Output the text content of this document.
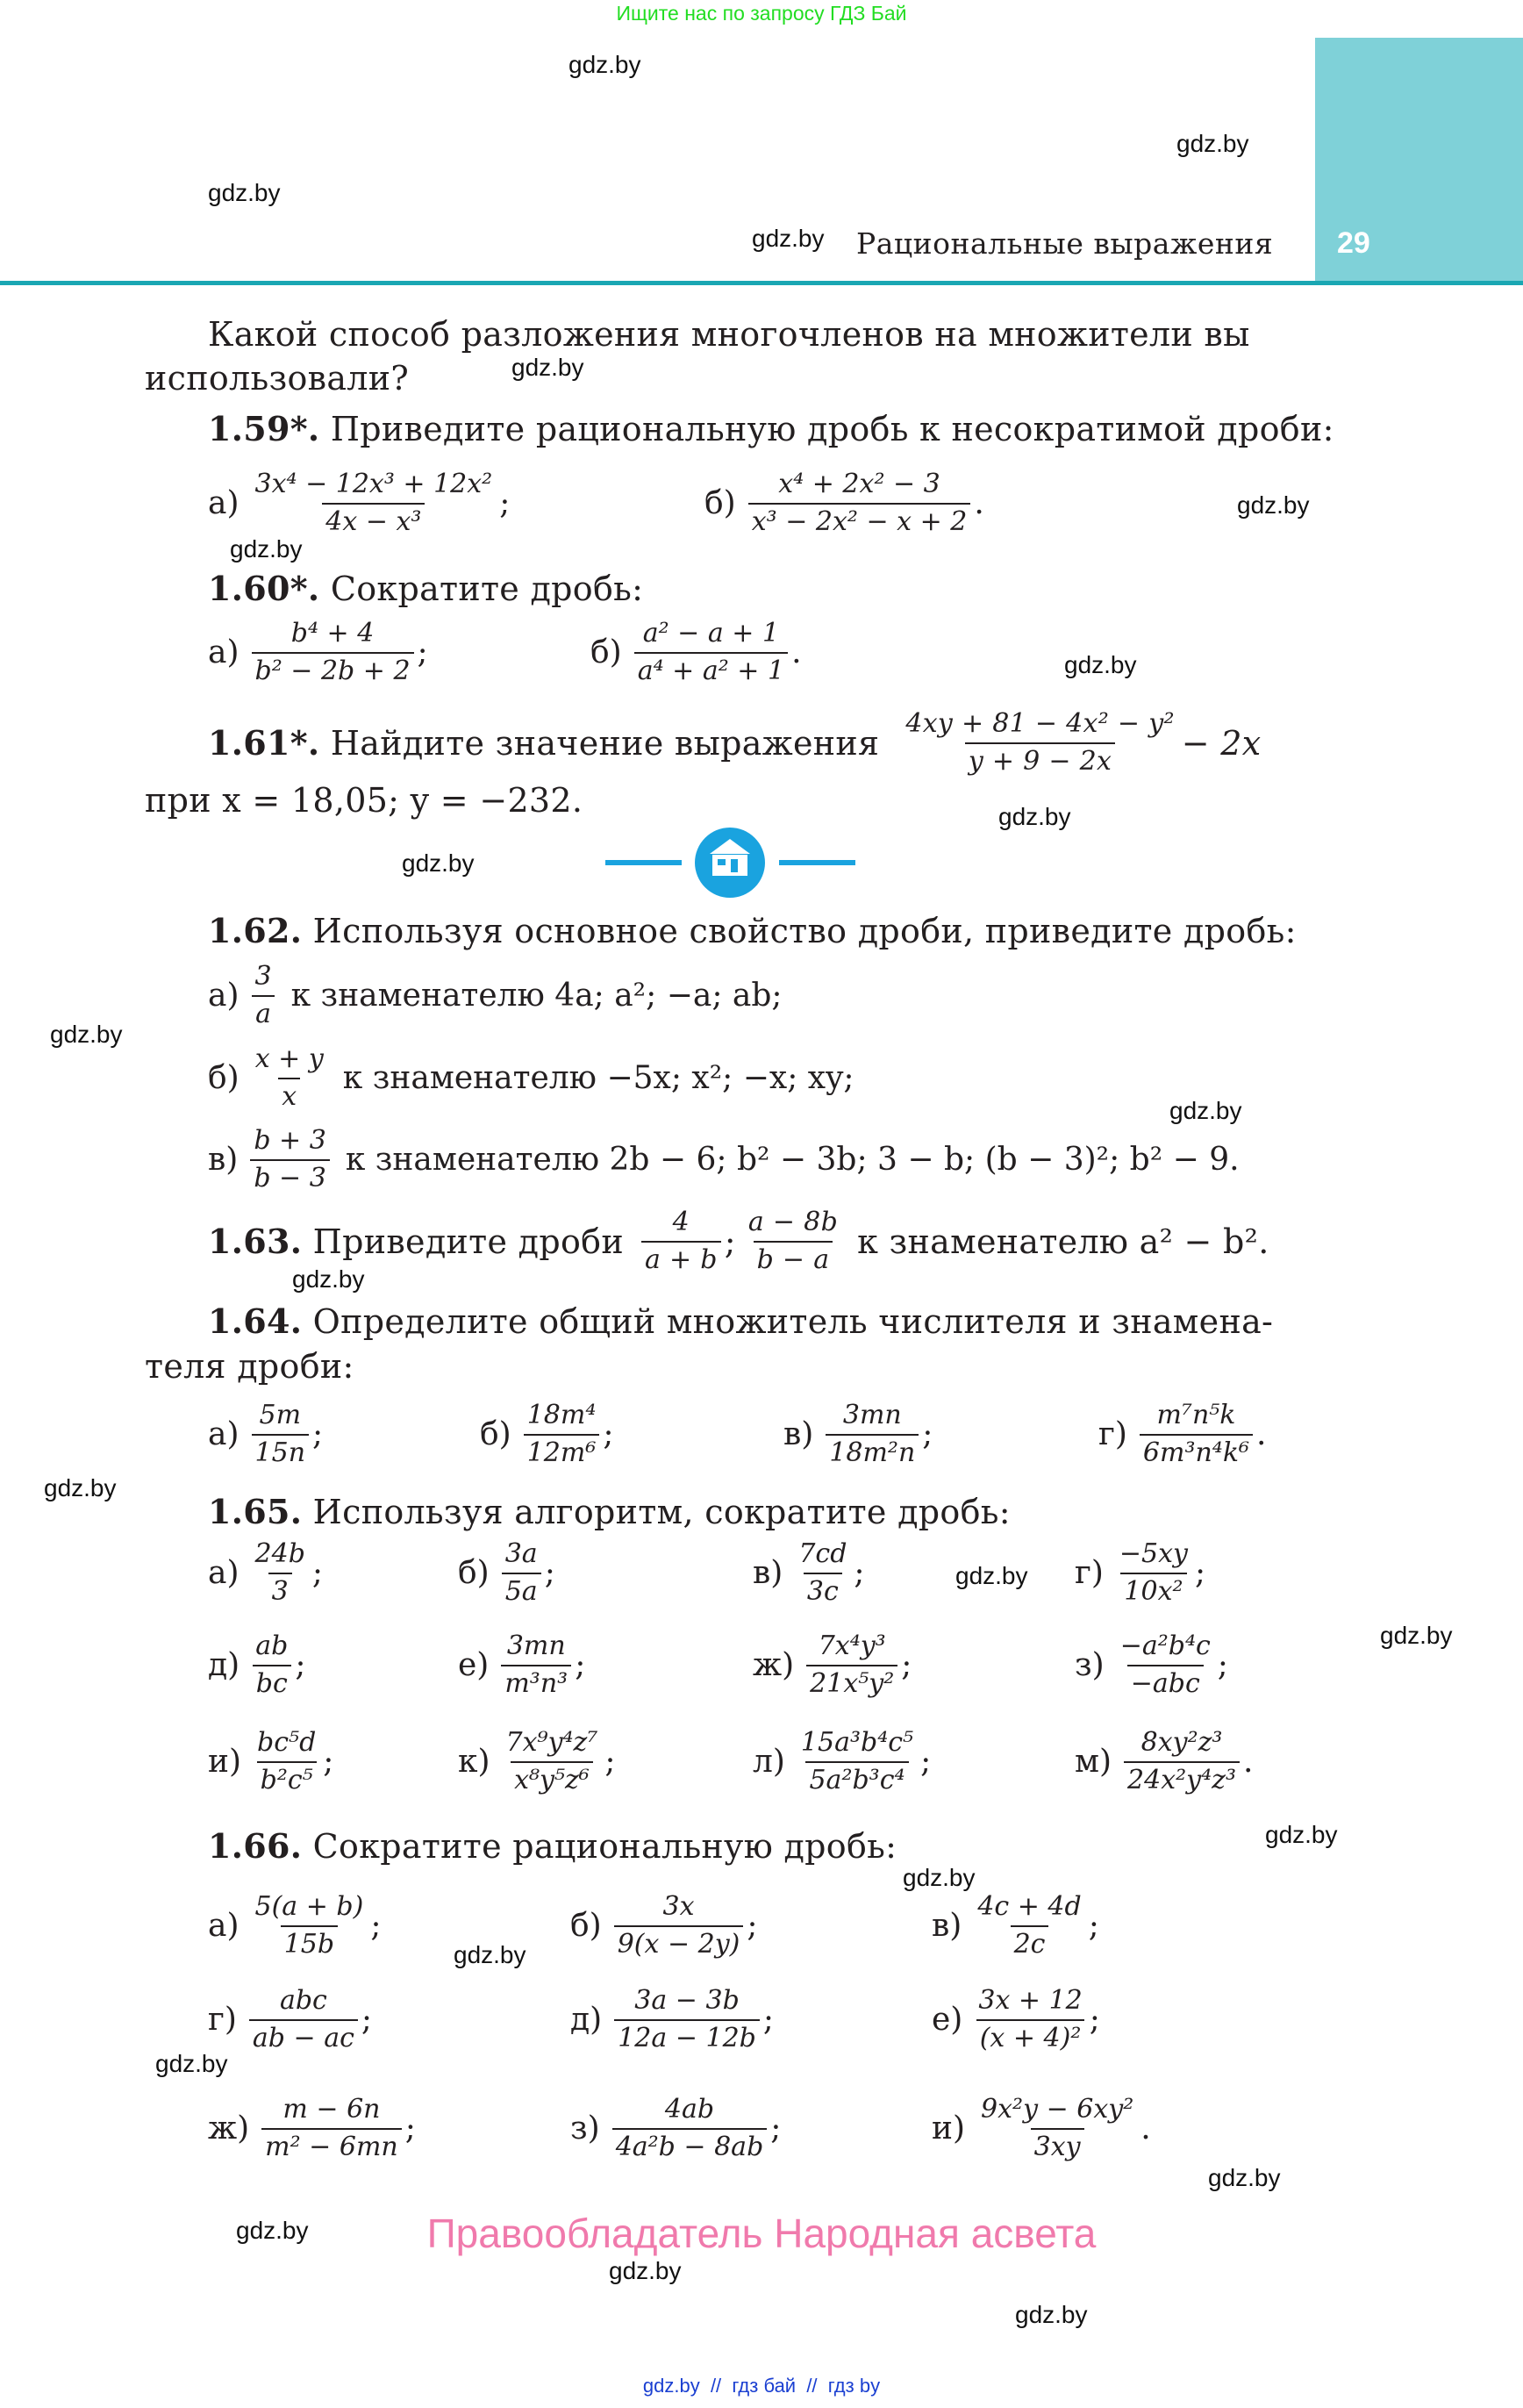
Ищите нас по запросу ГДЗ Бай
29
Рациональные выражения
gdz.by
gdz.by
gdz.by
gdz.by
gdz.by
gdz.by
gdz.by
gdz.by
gdz.by
gdz.by
gdz.by
gdz.by
gdz.by
gdz.by
gdz.by
gdz.by
gdz.by
gdz.by
gdz.by
gdz.by
gdz.by
gdz.by
gdz.by
gdz.by
Какой способ разложения многочленов на множители вы
использовали?
1.59*. Приведите рациональную дробь к несократимой дроби:
$а) \frac{\text{3x⁴ − 12x³ + 12x²}}{\text{4x − x³}}$ ;	$б) \frac{\text{x⁴ + 2x² − 3}}{\text{x³ − 2x² − x + 2}}$ .
1.60*. Сократите дробь:
$а) \frac{\text{b⁴ + 4}}{\text{b² − 2b + 2}}$ ;	$б) \frac{\text{a² − a + 1}}{\text{a⁴ + a² + 1}}$ .
1.61*.
Найдите значение выражения $\frac{\text{4xy + 81 − 4x² − y²}}{y + 9 - 2x} - 2x$
при x = 18,05; y = −232.
1.62. Используя основное свойство дроби, приведите дробь:
$а) \frac{3}{a}$ к знаменателю 4a; a²; −a; ab;
$б) \frac{x + y}{x}$ к знаменателю −5x; x²; −x; xy;
$в) \frac{b + 3}{b - 3}$ к знаменателю 2b − 6; b² − 3b; 3 − b; (b − 3)²; b² − 9.
1.63.
Приведите дроби $\frac{4}{a + b}$ ; $\frac{a - 8b}{b - a}$ к знаменателю a² − b².
1.64. Определите общий множитель числителя и знамена-
теля дроби:
$а) \frac{5m}{15n}$ ;	$б) \frac{\text{18m⁴}}{\text{12m⁶}}$ ;	$в) \frac{3mn}{\text{18m²n}}$ ;	$г) \frac{\text{m⁷n⁵k}}{\text{6m³n⁴k⁶}}$ .
1.65. Используя алгоритм, сократите дробь:
$а) \frac{24b}{3}$ ;	$б) \frac{3a}{5a}$ ;	$в) \frac{7cd}{3c}$ ;	$г) \frac{-5xy}{\text{10x²}}$ ;
$д) \frac{ab}{bc}$ ;	$е) \frac{3mn}{\text{m³n³}}$ ;	$ж) \frac{\text{7x⁴y³}}{\text{21x⁵y²}}$ ;	$з) \frac{\text{−a²b⁴c}}{\text{−abc}}$ ;
$и) \frac{\text{bc⁵d}}{\text{b²c⁵}}$ ;	$к) \frac{\text{7x⁹y⁴z⁷}}{\text{x⁸y⁵z⁶}}$ ;	$л) \frac{\text{15a³b⁴c⁵}}{\text{5a²b³c⁴}}$ ;	$м) \frac{\text{8xy²z³}}{\text{24x²y⁴z³}}$ .
1.66. Сократите рациональную дробь:
$а) \frac{5(a + b)}{15b}$ ;	$б) \frac{3x}{9(x - 2y)}$ ;	$в) \frac{4c + 4d}{2c}$ ;
$г) \frac{\text{abc}}{ab - ac}$ ;	$д) \frac{3a - 3b}{12a - 12b}$ ;	$е) \frac{3x + 12}{\text{(x + 4)²}}$ ;
$ж) \frac{m - 6n}{\text{m² − 6mn}}$ ;	$з) \frac{4ab}{\text{4a²b − 8ab}}$ ;	$и) \frac{\text{9x²y − 6xy²}}{3xy}$ .
Правообладатель Народная асвета
gdz.by  //  гдз бай  //  гдз by
